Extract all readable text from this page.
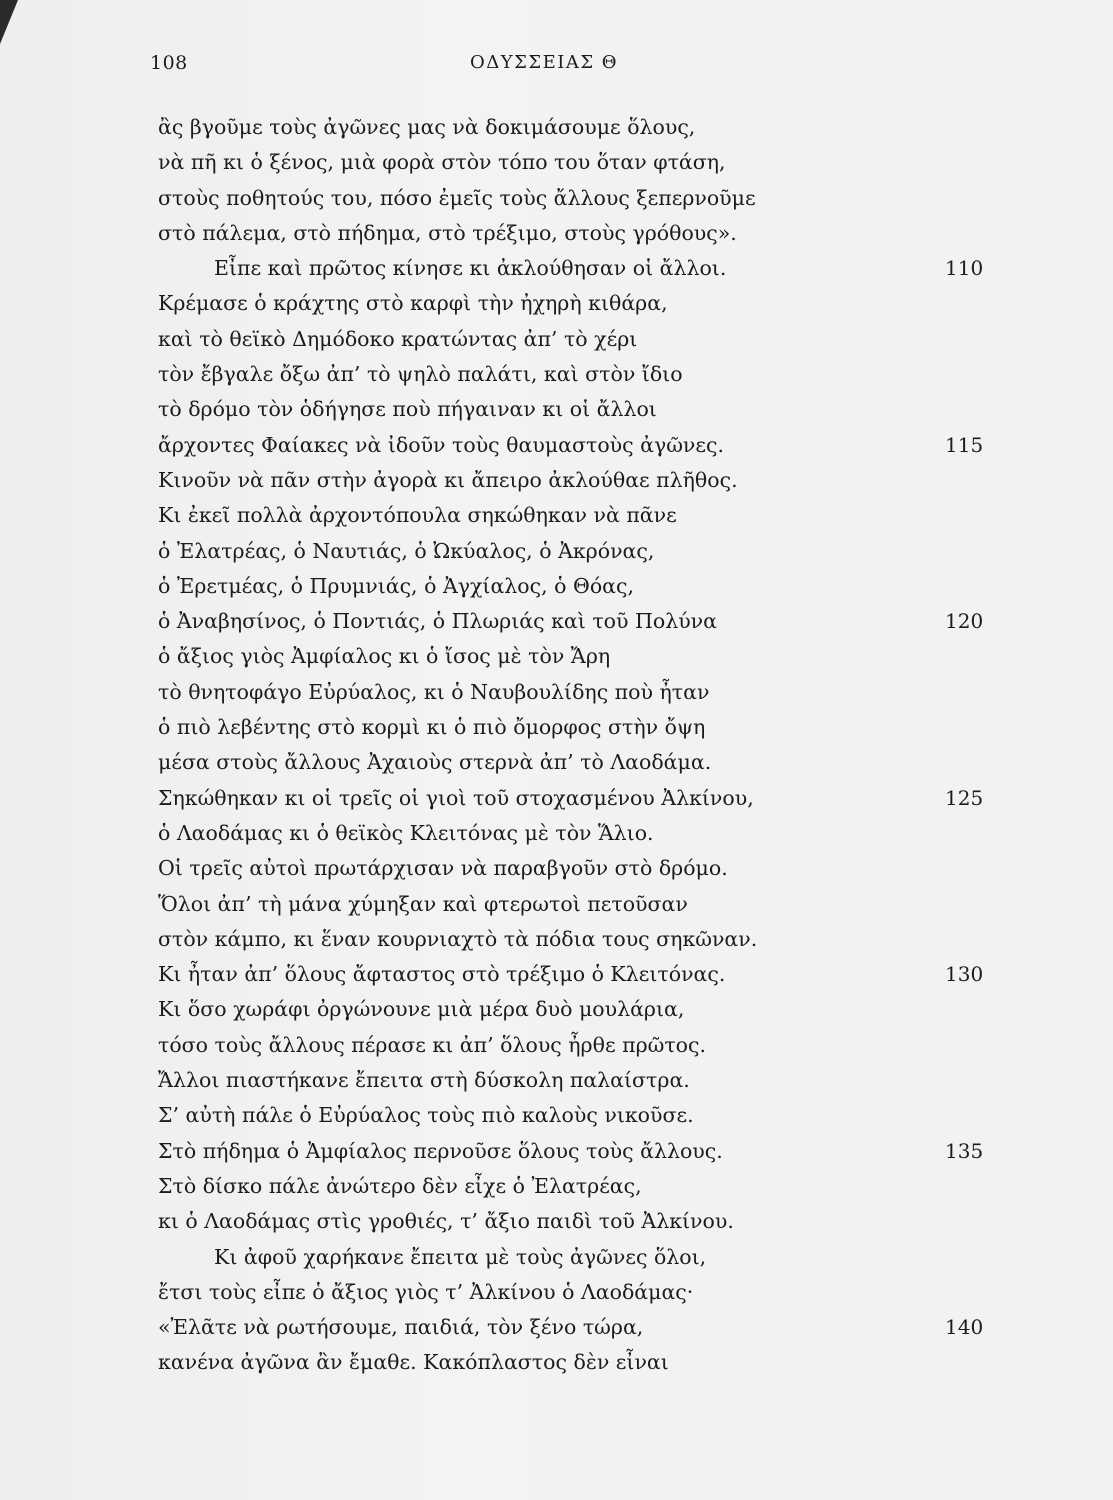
108	ΟΔΥΣΣΕΙΑΣ Θ
ἂς βγοῦμε τοὺς ἀγῶνες μας νὰ δοκιμάσουμε ὅλους,
νὰ πῆ κι ὁ ξένος, μιὰ φορὰ στὸν τόπο του ὅταν φτάση,
στοὺς ποθητούς του, πόσο ἐμεῖς τοὺς ἄλλους ξεπερνοῦμε
στὸ πάλεμα, στὸ πήδημα, στὸ τρέξιμο, στοὺς γρόθους».
Εἶπε καὶ πρῶτος κίνησε κι ἀκλούθησαν οἱ ἄλλοι.	110
Κρέμασε ὁ κράχτης στὸ καρφὶ τὴν ἠχηρὴ κιθάρα,
καὶ τὸ θεϊκὸ Δημόδοκο κρατώντας ἀπ’ τὸ χέρι
τὸν ἔβγαλε ὄξω ἀπ’ τὸ ψηλὸ παλάτι, καὶ στὸν ἴδιο
τὸ δρόμο τὸν ὁδήγησε ποὺ πήγαιναν κι οἱ ἄλλοι
ἄρχοντες Φαίακες νὰ ἰδοῦν τοὺς θαυμαστοὺς ἀγῶνες.	115
Κινοῦν νὰ πᾶν στὴν ἀγορὰ κι ἄπειρο ἀκλούθαε πλῆθος.
Κι ἐκεῖ πολλὰ ἀρχοντόπουλα σηκώθηκαν νὰ πᾶνε
ὁ Ἐλατρέας, ὁ Ναυτιάς, ὁ Ὠκύαλος, ὁ Ἀκρόνας,
ὁ Ἐρετμέας, ὁ Πρυμνιάς, ὁ Ἀγχίαλος, ὁ Θόας,
ὁ Ἀναβησίνος, ὁ Ποντιάς, ὁ Πλωριάς καὶ τοῦ Πολύνα	120
ὁ ἄξιος γιὸς Ἀμφίαλος κι ὁ ἴσος μὲ τὸν Ἄρη
τὸ θνητοφάγο Εὐρύαλος, κι ὁ Ναυβουλίδης ποὺ ἦταν
ὁ πιὸ λεβέντης στὸ κορμὶ κι ὁ πιὸ ὄμορφος στὴν ὄψη
μέσα στοὺς ἄλλους Ἀχαιοὺς στερνὰ ἀπ’ τὸ Λαοδάμα.
Σηκώθηκαν κι οἱ τρεῖς οἱ γιοὶ τοῦ στοχασμένου Ἀλκίνου,	125
ὁ Λαοδάμας κι ὁ θεϊκὸς Κλειτόνας μὲ τὸν Ἅλιο.
Οἱ τρεῖς αὐτοὶ πρωτάρχισαν νὰ παραβγοῦν στὸ δρόμο.
Ὅλοι ἀπ’ τὴ μάνα χύμηξαν καὶ φτερωτοὶ πετοῦσαν
στὸν κάμπο, κι ἕναν κουρνιαχτὸ τὰ πόδια τους σηκῶναν.
Κι ἦταν ἀπ’ ὅλους ἄφταστος στὸ τρέξιμο ὁ Κλειτόνας.	130
Κι ὅσο χωράφι ὀργώνουνε μιὰ μέρα δυὸ μουλάρια,
τόσο τοὺς ἄλλους πέρασε κι ἀπ’ ὅλους ἦρθε πρῶτος.
Ἄλλοι πιαστήκανε ἔπειτα στὴ δύσκολη παλαίστρα.
Σ’ αὐτὴ πάλε ὁ Εὐρύαλος τοὺς πιὸ καλοὺς νικοῦσε.
Στὸ πήδημα ὁ Ἀμφίαλος περνοῦσε ὅλους τοὺς ἄλλους.	135
Στὸ δίσκο πάλε ἀνώτερο δὲν εἶχε ὁ Ἐλατρέας,
κι ὁ Λαοδάμας στὶς γροθιές, τ’ ἄξιο παιδὶ τοῦ Ἀλκίνου.
Κι ἀφοῦ χαρήκανε ἔπειτα μὲ τοὺς ἀγῶνες ὅλοι,
ἔτσι τοὺς εἶπε ὁ ἄξιος γιὸς τ’ Ἀλκίνου ὁ Λαοδάμας·
«Ἐλᾶτε νὰ ρωτήσουμε, παιδιά, τὸν ξένο τώρα,	140
κανένα ἀγῶνα ἂν ἔμαθε. Κακόπλαστος δὲν εἶναι
